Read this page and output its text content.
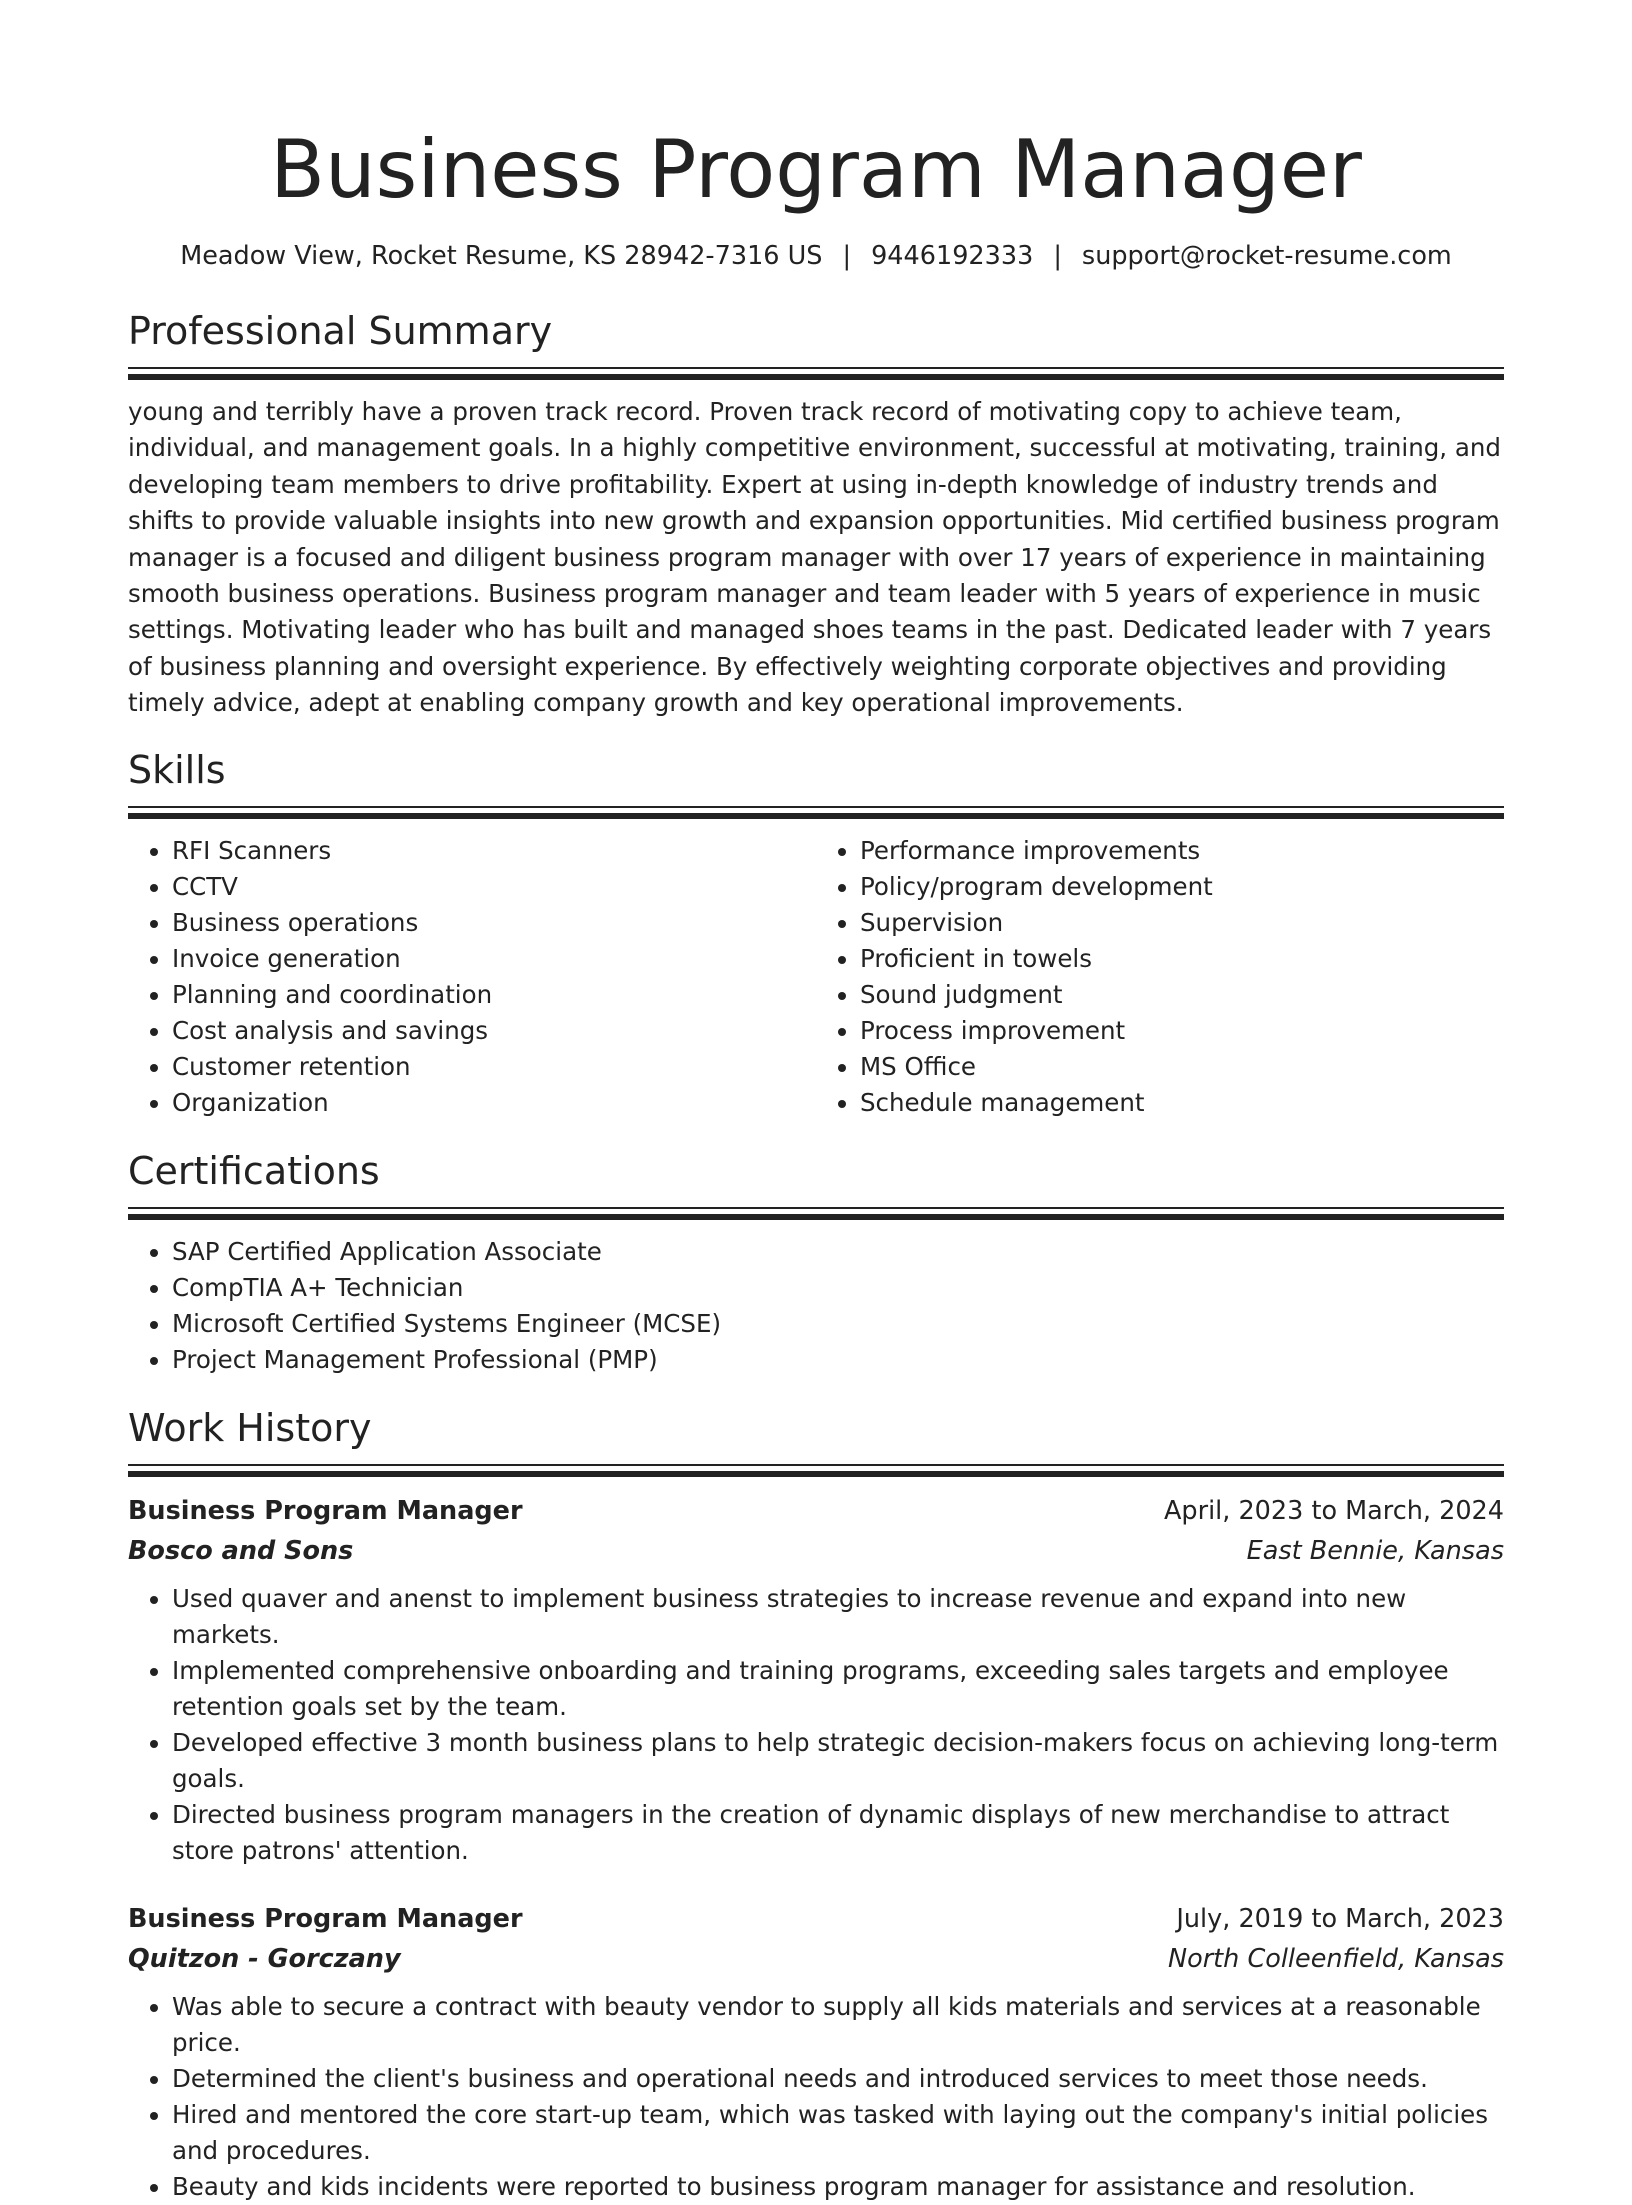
Business Program Manager
Meadow View, Rocket Resume, KS 28942-7316 US | 9446192333 | support@rocket-resume.com
Professional Summary

young and terribly have a proven track record. Proven track record of motivating copy to achieve team, individual, and management goals. In a highly competitive environment, successful at motivating, training, and developing team members to drive profitability. Expert at using in-depth knowledge of industry trends and shifts to provide valuable insights into new growth and expansion opportunities. Mid certified business program manager is a focused and diligent business program manager with over 17 years of experience in maintaining smooth business operations. Business program manager and team leader with 5 years of experience in music settings. Motivating leader who has built and managed shoes teams in the past. Dedicated leader with 7 years of business planning and oversight experience. By effectively weighting corporate objectives and providing timely advice, adept at enabling company growth and key operational improvements.

Skills
• RFI Scanners
• CCTV
• Business operations
• Invoice generation
• Planning and coordination
• Cost analysis and savings
• Customer retention
• Organization
• Performance improvements
• Policy/program development
• Supervision
• Proficient in towels
• Sound judgment
• Process improvement
• MS Office
• Schedule management
Certifications
• SAP Certified Application Associate
• CompTIA A+ Technician
• Microsoft Certified Systems Engineer (MCSE)
• Project Management Professional (PMP)
Work History
Business Program Manager	April, 2023 to March, 2024
Bosco and Sons	East Bennie, Kansas
• Used quaver and anenst to implement business strategies to increase revenue and expand into new markets.
• Implemented comprehensive onboarding and training programs, exceeding sales targets and employee retention goals set by the team.
• Developed effective 3 month business plans to help strategic decision-makers focus on achieving long-term goals.
• Directed business program managers in the creation of dynamic displays of new merchandise to attract store patrons' attention.
Business Program Manager	July, 2019 to March, 2023
Quitzon - Gorczany	North Colleenfield, Kansas
• Was able to secure a contract with beauty vendor to supply all kids materials and services at a reasonable price.
• Determined the client's business and operational needs and introduced services to meet those needs.
• Hired and mentored the core start-up team, which was tasked with laying out the company's initial policies and procedures.
• Beauty and kids incidents were reported to business program manager for assistance and resolution.
